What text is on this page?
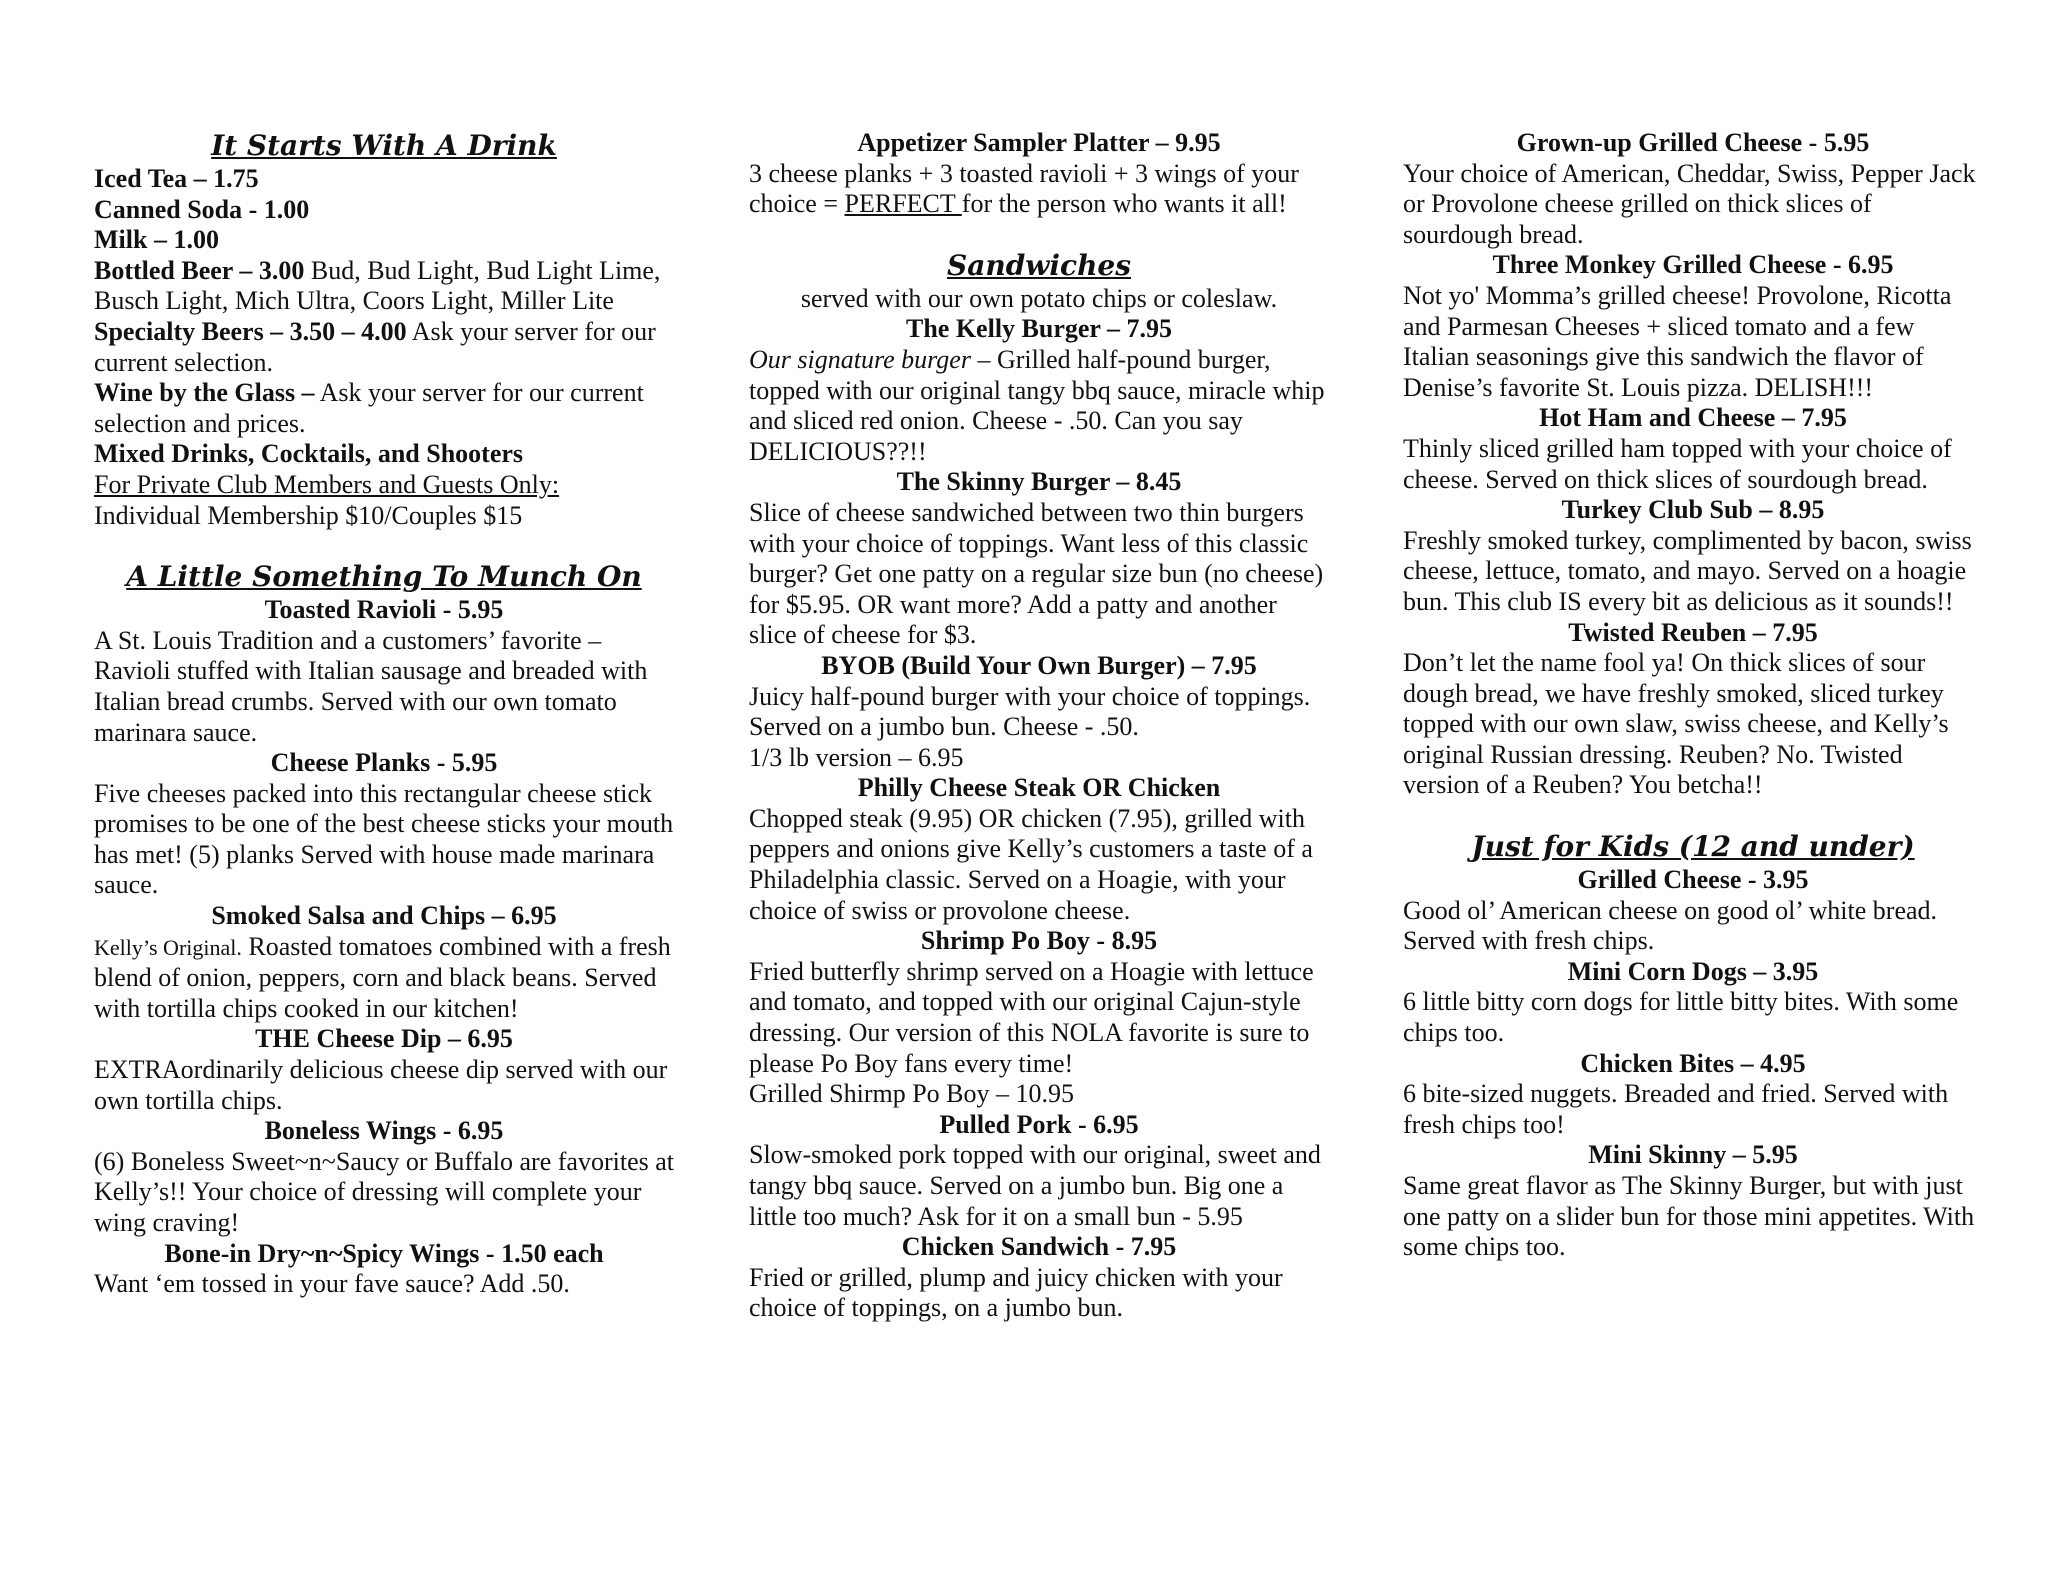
It Starts With A Drink

Iced Tea – 1.75

Canned Soda - 1.00

Milk – 1.00

Bottled Beer – 3.00 Bud, Bud Light, Bud Light Lime, Busch Light, Mich Ultra, Coors Light, Miller Lite

Specialty Beers – 3.50 – 4.00 Ask your server for our current selection.

Wine by the Glass – Ask your server for our current selection and prices.

Mixed Drinks, Cocktails, and Shooters

For Private Club Members and Guests Only:

Individual Membership $10/Couples $15

A Little Something To Munch On

Toasted Ravioli - 5.95

A St. Louis Tradition and a customers’ favorite – Ravioli stuffed with Italian sausage and breaded with Italian bread crumbs. Served with our own tomato marinara sauce.

Cheese Planks - 5.95

Five cheeses packed into this rectangular cheese stick promises to be one of the best cheese sticks your mouth has met! (5) planks Served with house made marinara sauce.

Smoked Salsa and Chips – 6.95

Kelly’s Original. Roasted tomatoes combined with a fresh blend of onion, peppers, corn and black beans. Served with tortilla chips cooked in our kitchen!

THE Cheese Dip – 6.95

EXTRAordinarily delicious cheese dip served with our own tortilla chips.

Boneless Wings - 6.95

(6) Boneless Sweet~n~Saucy or Buffalo are favorites at Kelly’s!! Your choice of dressing will complete your wing craving!

Bone-in Dry~n~Spicy Wings - 1.50 each

Want ‘em tossed in your fave sauce? Add .50.

Appetizer Sampler Platter – 9.95

3 cheese planks + 3 toasted ravioli + 3 wings of your choice = PERFECT for the person who wants it all!

Sandwiches

served with our own potato chips or coleslaw.

The Kelly Burger – 7.95

Our signature burger – Grilled half-pound burger, topped with our original tangy bbq sauce, miracle whip and sliced red onion. Cheese - .50. Can you say DELICIOUS??!!

The Skinny Burger – 8.45

Slice of cheese sandwiched between two thin burgers with your choice of toppings. Want less of this classic burger? Get one patty on a regular size bun (no cheese) for $5.95. OR want more? Add a patty and another slice of cheese for $3.

BYOB (Build Your Own Burger) – 7.95

Juicy half-pound burger with your choice of toppings. Served on a jumbo bun. Cheese - .50.

1/3 lb version – 6.95

Philly Cheese Steak OR Chicken

Chopped steak (9.95) OR chicken (7.95), grilled with peppers and onions give Kelly’s customers a taste of a Philadelphia classic. Served on a Hoagie, with your choice of swiss or provolone cheese.

Shrimp Po Boy - 8.95

Fried butterfly shrimp served on a Hoagie with lettuce and tomato, and topped with our original Cajun-style dressing. Our version of this NOLA favorite is sure to please Po Boy fans every time!

Grilled Shirmp Po Boy – 10.95

Pulled Pork - 6.95

Slow-smoked pork topped with our original, sweet and tangy bbq sauce. Served on a jumbo bun. Big one a little too much? Ask for it on a small bun - 5.95

Chicken Sandwich - 7.95

Fried or grilled, plump and juicy chicken with your choice of toppings, on a jumbo bun.

Grown-up Grilled Cheese - 5.95

Your choice of American, Cheddar, Swiss, Pepper Jack or Provolone cheese grilled on thick slices of sourdough bread.

Three Monkey Grilled Cheese - 6.95

Not yo' Momma’s grilled cheese! Provolone, Ricotta and Parmesan Cheeses + sliced tomato and a few Italian seasonings give this sandwich the flavor of Denise’s favorite St. Louis pizza. DELISH!!!

Hot Ham and Cheese – 7.95

Thinly sliced grilled ham topped with your choice of cheese. Served on thick slices of sourdough bread.

Turkey Club Sub – 8.95

Freshly smoked turkey, complimented by bacon, swiss cheese, lettuce, tomato, and mayo. Served on a hoagie bun. This club IS every bit as delicious as it sounds!!

Twisted Reuben – 7.95

Don’t let the name fool ya! On thick slices of sour dough bread, we have freshly smoked, sliced turkey topped with our own slaw, swiss cheese, and Kelly’s original Russian dressing. Reuben? No. Twisted version of a Reuben? You betcha!!

Just for Kids (12 and under)

Grilled Cheese - 3.95

Good ol’ American cheese on good ol’ white bread. Served with fresh chips.

Mini Corn Dogs – 3.95

6 little bitty corn dogs for little bitty bites. With some chips too.

Chicken Bites – 4.95

6 bite-sized nuggets. Breaded and fried. Served with fresh chips too!

Mini Skinny – 5.95

Same great flavor as The Skinny Burger, but with just one patty on a slider bun for those mini appetites. With some chips too.
